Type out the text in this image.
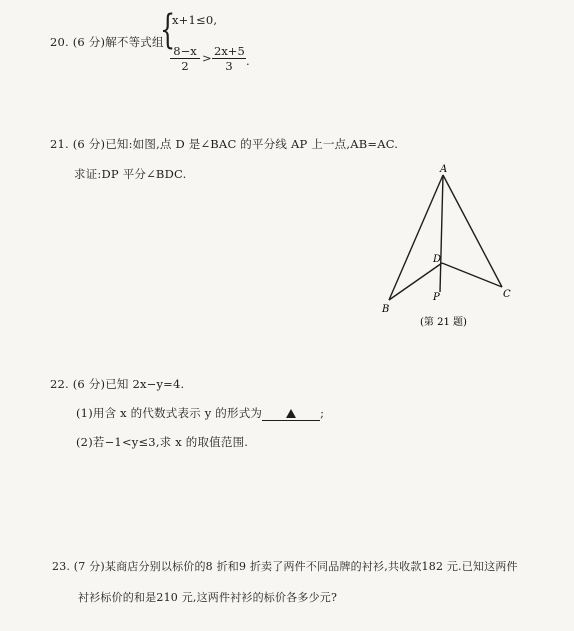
20. (6 分)解不等式组
{
x+1≤0,
$\frac{8-x}{2} > \frac{2x+5}{3}$ .
21. (6 分)已知:如图,点 D 是∠BAC 的平分线 AP 上一点,AB=AC.
求证:DP 平分∠BDC.	A
B
C
D
P
(第 21 题)
22. (6 分)已知 2x−y=4.
(1)用含 x 的代数式表示 y 的形式为	;
(2)若−1<y≤3,求 x 的取值范围.
23. (7 分)某商店分别以标价的8 折和9 折卖了两件不同品牌的衬衫,共收款182 元.已知这两件
衬衫标价的和是210 元,这两件衬衫的标价各多少元?
